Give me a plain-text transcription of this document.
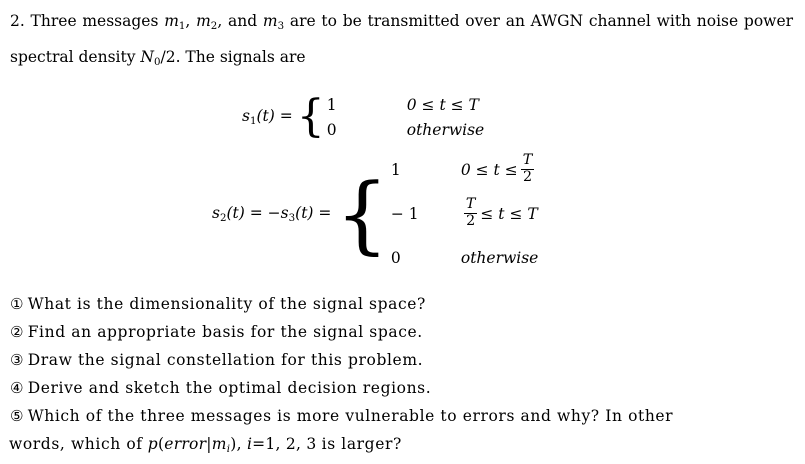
2. Three messages $m_1$, $m_2$, and $m_3$ are to be transmitted over an AWGN channel with noise power spectral density $N_0/2$. The signals are

$s_1(t)$ = { 1	0 ≤ t ≤ T
0	otherwise
$s_2(t) = -s_3(t)$ = { 1	$0 \le t \le \frac{T}{2}$
− 1	$\frac{T}{2} \le t \le T$
0	otherwise
① What is the dimensionality of the signal space?
② Find an appropriate basis for the signal space.
③ Draw the signal constellation for this problem.
④ Derive and sketch the optimal decision regions.
⑤ Which of the three messages is more vulnerable to errors and why? In other
words, which of $p(error|m_i)$, i=1, 2, 3 is larger?
